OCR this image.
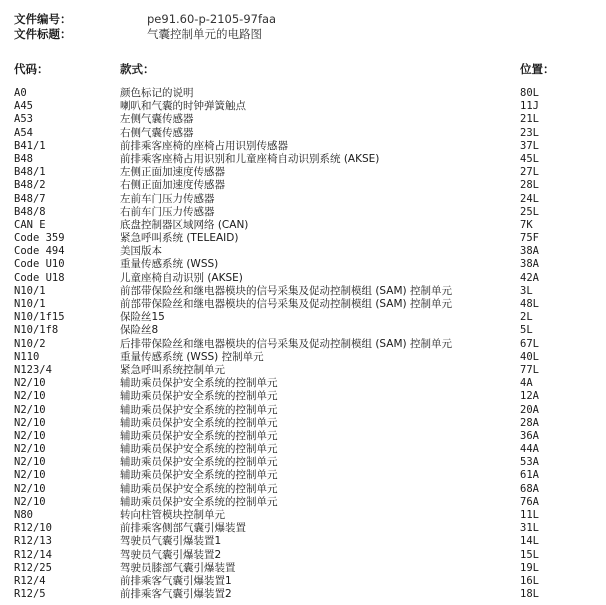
文件编号：	pe91.60-p-2105-97faa
文件标题：	气囊控制单元的电路图
代码：	款式：	位置：
A0	颜色标记的说明	80L
A45	喇叭和气囊的时钟弹簧触点	11J
A53	左侧气囊传感器	21L
A54	右侧气囊传感器	23L
B41/1	前排乘客座椅的座椅占用识别传感器	37L
B48	前排乘客座椅占用识别和儿童座椅自动识别系统 (AKSE)	45L
B48/1	左侧正面加速度传感器	27L
B48/2	右侧正面加速度传感器	28L
B48/7	左前车门压力传感器	24L
B48/8	右前车门压力传感器	25L
CAN E	底盘控制器区域网络 (CAN)	7K
Code 359	紧急呼叫系统 (TELEAID)	75F
Code 494	美国版本	38A
Code U10	重量传感系统 (WSS)	38A
Code U18	儿童座椅自动识别 (AKSE)	42A
N10/1	前部带保险丝和继电器模块的信号采集及促动控制模组 (SAM) 控制单元	3L
N10/1	前部带保险丝和继电器模块的信号采集及促动控制模组 (SAM) 控制单元	48L
N10/1f15	保险丝15	2L
N10/1f8	保险丝8	5L
N10/2	后排带保险丝和继电器模块的信号采集及促动控制模组 (SAM) 控制单元	67L
N110	重量传感系统 (WSS) 控制单元	40L
N123/4	紧急呼叫系统控制单元	77L
N2/10	辅助乘员保护安全系统的控制单元	4A
N2/10	辅助乘员保护安全系统的控制单元	12A
N2/10	辅助乘员保护安全系统的控制单元	20A
N2/10	辅助乘员保护安全系统的控制单元	28A
N2/10	辅助乘员保护安全系统的控制单元	36A
N2/10	辅助乘员保护安全系统的控制单元	44A
N2/10	辅助乘员保护安全系统的控制单元	53A
N2/10	辅助乘员保护安全系统的控制单元	61A
N2/10	辅助乘员保护安全系统的控制单元	68A
N2/10	辅助乘员保护安全系统的控制单元	76A
N80	转向柱管模块控制单元	11L
R12/10	前排乘客侧部气囊引爆装置	31L
R12/13	驾驶员气囊引爆装置1	14L
R12/14	驾驶员气囊引爆装置2	15L
R12/25	驾驶员膝部气囊引爆装置	19L
R12/4	前排乘客气囊引爆装置1	16L
R12/5	前排乘客气囊引爆装置2	18L
